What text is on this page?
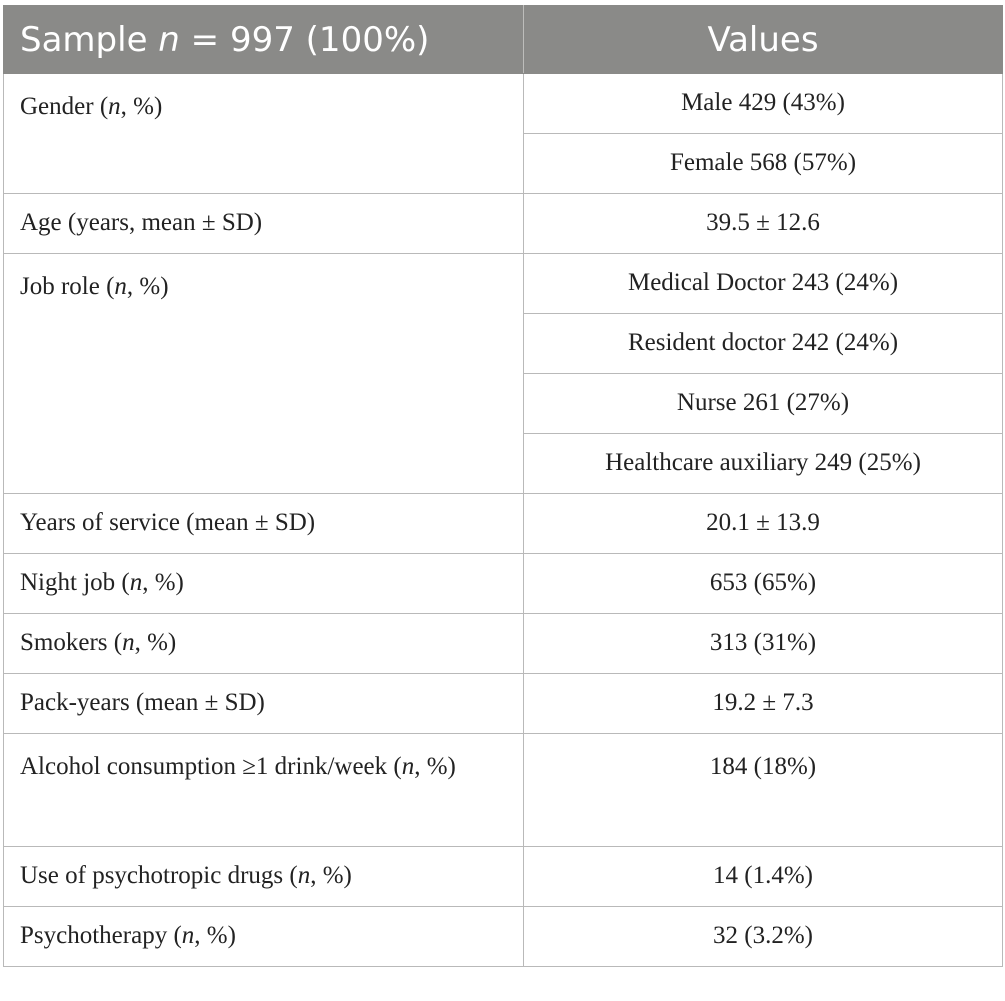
Sample n = 997 (100%)	Values
Gender (n, %)	Male 429 (43%)
	Female 568 (57%)
Age (years, mean ± SD)	39.5 ± 12.6
Job role (n, %)	Medical Doctor 243 (24%)
	Resident doctor 242 (24%)
	Nurse 261 (27%)
	Healthcare auxiliary 249 (25%)
Years of service (mean ± SD)	20.1 ± 13.9
Night job (n, %)	653 (65%)
Smokers (n, %)	313 (31%)
Pack-years (mean ± SD)	19.2 ± 7.3
Alcohol consumption ≥1 drink/week (n, %)	184 (18%)
Use of psychotropic drugs (n, %)	14 (1.4%)
Psychotherapy (n, %)	32 (3.2%)
